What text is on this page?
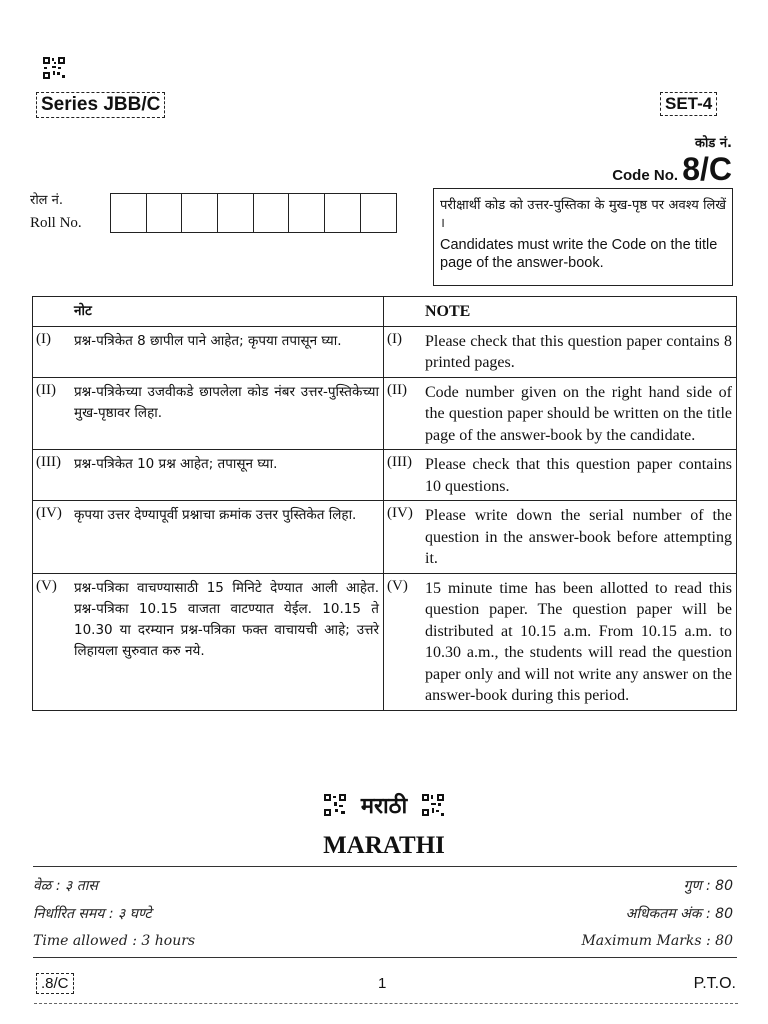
Series JBB/C	SET-4
कोड नं.
Code No. 8/C
रोल नं.
Roll No.
परीक्षार्थी कोड को उत्तर-पुस्तिका के मुख-पृष्ठ पर अवश्य लिखें ।
Candidates must write the Code on the title page of the answer-book.
नोट	NOTE

(I) प्रश्न-पत्रिकेत 8 छापील पाने आहेत; कृपया तपासून घ्या.	(I) Please check that this question paper contains 8 printed pages.

(II) प्रश्न-पत्रिकेच्या उजवीकडे छापलेला कोड नंबर उत्तर-पुस्तिकेच्या मुख-पृष्ठावर लिहा.	(II) Code number given on the right hand side of the question paper should be written on the title page of the answer-book by the candidate.

(III) प्रश्न-पत्रिकेत 10 प्रश्न आहेत; तपासून घ्या.	(III) Please check that this question paper contains 10 questions.

(IV) कृपया उत्तर देण्यापूर्वी प्रश्नाचा क्रमांक उत्तर पुस्तिकेत लिहा.	(IV) Please write down the serial number of the question in the answer-book before attempting it.

(V) प्रश्न-पत्रिका वाचण्यासाठी 15 मिनिटे देण्यात आली आहेत. प्रश्न-पत्रिका 10.15 वाजता वाटण्यात येईल. 10.15 ते 10.30 या दरम्यान प्रश्न-पत्रिका फक्त वाचायची आहे; उत्तरे लिहायला सुरुवात करु नये.	(V) 15 minute time has been allotted to read this question paper. The question paper will be distributed at 10.15 a.m. From 10.15 a.m. to 10.30 a.m., the students will read the question paper only and will not write any answer on the answer-book during this period.
मराठी
MARATHI
वेळ : ३ तास	गुण : 80
निर्धारित समय : ३ घण्टे	अधिकतम अंक : 80
Time allowed : 3 hours	Maximum Marks : 80
.8/C	1	P.T.O.
